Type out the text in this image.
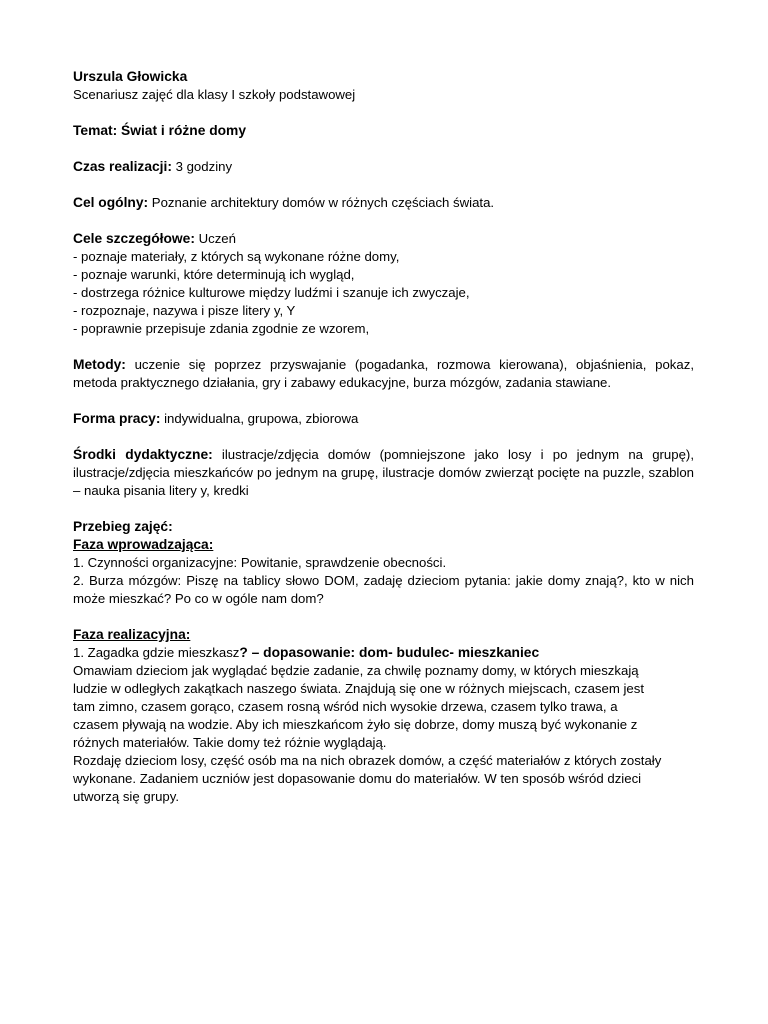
Urszula Głowicka

Scenariusz zajęć dla klasy I szkoły podstawowej

Temat: Świat i różne domy

Czas realizacji: 3 godziny

Cel ogólny: Poznanie architektury domów w różnych częściach świata.

Cele szczegółowe: Uczeń

- poznaje materiały, z których są wykonane różne domy,

- poznaje warunki, które determinują ich wygląd,

- dostrzega różnice kulturowe między ludźmi i szanuje ich zwyczaje,

- rozpoznaje, nazywa i pisze litery y, Y

- poprawnie przepisuje zdania zgodnie ze wzorem,

Metody: uczenie się poprzez przyswajanie (pogadanka, rozmowa kierowana), objaśnienia, pokaz, metoda praktycznego działania, gry i zabawy edukacyjne, burza mózgów, zadania stawiane.

Forma pracy: indywidualna, grupowa, zbiorowa

Środki dydaktyczne: ilustracje/zdjęcia domów (pomniejszone jako losy i po jednym na grupę), ilustracje/zdjęcia mieszkańców po jednym na grupę, ilustracje domów zwierząt pocięte na puzzle, szablon – nauka pisania litery y, kredki

Przebieg zajęć:

Faza wprowadzająca:

1. Czynności organizacyjne: Powitanie, sprawdzenie obecności.

2. Burza mózgów: Piszę na tablicy słowo DOM, zadaję dzieciom pytania: jakie domy znają?, kto w nich może mieszkać? Po co w ogóle nam dom?

Faza realizacyjna:

1. Zagadka gdzie mieszkasz? – dopasowanie: dom- budulec- mieszkaniec

Omawiam dzieciom jak wyglądać będzie zadanie, za chwilę poznamy domy, w których mieszkają
ludzie w odległych zakątkach naszego świata. Znajdują się one w różnych miejscach, czasem jest
tam zimno, czasem gorąco, czasem rosną wśród nich wysokie drzewa, czasem tylko trawa, a
czasem pływają na wodzie. Aby ich mieszkańcom żyło się dobrze, domy muszą być wykonanie z
różnych materiałów. Takie domy też różnie wyglądają.
Rozdaję dzieciom losy, część osób ma na nich obrazek domów, a część materiałów z których zostały
wykonane. Zadaniem uczniów jest dopasowanie domu do materiałów. W ten sposób wśród dzieci
utworzą się grupy.
